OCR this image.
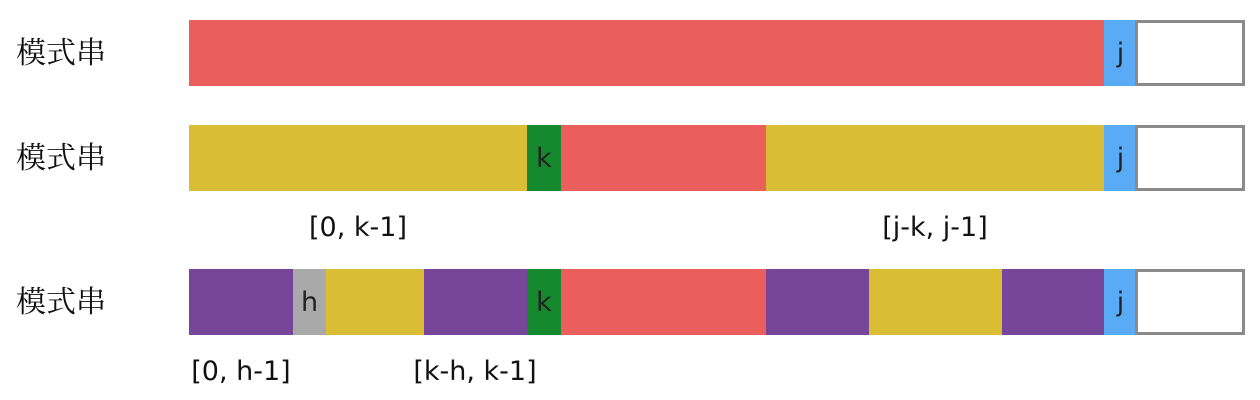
模式串	j
模式串	k	j
[0, k-1]	[j-k, j-1]
模式串	h	k	j
[0, h-1]	[k-h, k-1]
